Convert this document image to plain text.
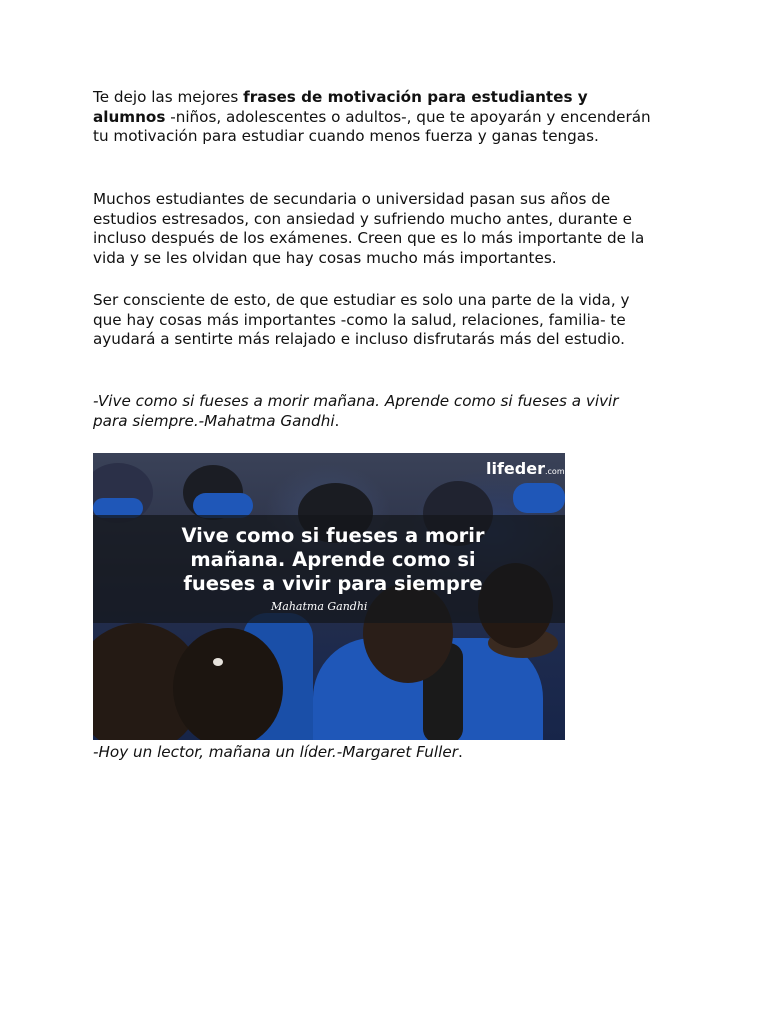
Te dejo las mejores frases de motivación para estudiantes y alumnos -niños, adolescentes o adultos-, que te apoyarán y encenderán tu motivación para estudiar cuando menos fuerza y ganas tengas.

Muchos estudiantes de secundaria o universidad pasan sus años de estudios estresados, con ansiedad y sufriendo mucho antes, durante e incluso después de los exámenes. Creen que es lo más importante de la vida y se les olvidan que hay cosas mucho más importantes.

Ser consciente de esto, de que estudiar es solo una parte de la vida, y que hay cosas más importantes -como la salud, relaciones, familia- te ayudará a sentirte más relajado e incluso disfrutarás más del estudio.

-Vive como si fueses a morir mañana. Aprende como si fueses a vivir para siempre.-Mahatma Gandhi.

Vive como si fueses a morir mañana. Aprende como si fueses a vivir para siempre
Mahatma Gandhi
lifeder.com

-Hoy un lector, mañana un líder.-Margaret Fuller.
